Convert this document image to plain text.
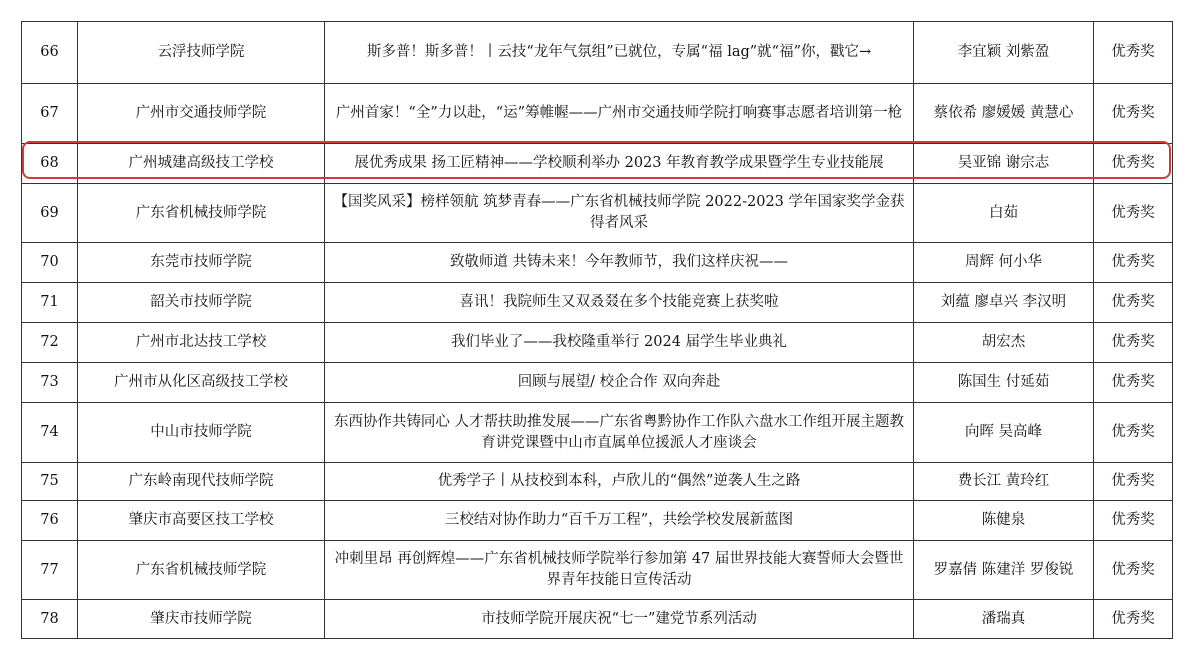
66	云浮技师学院	斯多普！斯多普！丨云技“龙年气氛组”已就位，专属“福 lag”就“福”你，戳它→	李宜颖 刘紫盈	优秀奖
67	广州市交通技师学院	广州首家！“全”力以赴，“运”筹帷幄——广州市交通技师学院打响赛事志愿者培训第一枪	蔡依希 廖媛媛 黄慧心	优秀奖
68	广州城建高级技工学校	展优秀成果 扬工匠精神——学校顺利举办 2023 年教育教学成果暨学生专业技能展	吴亚锦 谢宗志	优秀奖
69	广东省机械技师学院	【国奖风采】榜样领航 筑梦青春——广东省机械技师学院 2022-2023 学年国家奖学金获得者风采	白茹	优秀奖
70	东莞市技师学院	致敬师道 共铸未来！今年教师节，我们这样庆祝——	周辉 何小华	优秀奖
71	韶关市技师学院	喜讯！我院师生又双叒叕在多个技能竞赛上获奖啦	刘蕴 廖卓兴 李汉明	优秀奖
72	广州市北达技工学校	我们毕业了——我校隆重举行 2024 届学生毕业典礼	胡宏杰	优秀奖
73	广州市从化区高级技工学校	回顾与展望/ 校企合作 双向奔赴	陈国生 付延茹	优秀奖
74	中山市技师学院	东西协作共铸同心 人才帮扶助推发展——广东省粤黔协作工作队六盘水工作组开展主题教育讲党课暨中山市直属单位援派人才座谈会	向晖 吴高峰	优秀奖
75	广东岭南现代技师学院	优秀学子丨从技校到本科，卢欣儿的“偶然”逆袭人生之路	费长江 黄玲红	优秀奖
76	肇庆市高要区技工学校	三校结对协作助力“百千万工程”，共绘学校发展新蓝图	陈健泉	优秀奖
77	广东省机械技师学院	冲刺里昂 再创辉煌——广东省机械技师学院举行参加第 47 届世界技能大赛誓师大会暨世界青年技能日宣传活动	罗嘉倩 陈建洋 罗俊锐	优秀奖
78	肇庆市技师学院	市技师学院开展庆祝“七一”建党节系列活动	潘瑞真	优秀奖
